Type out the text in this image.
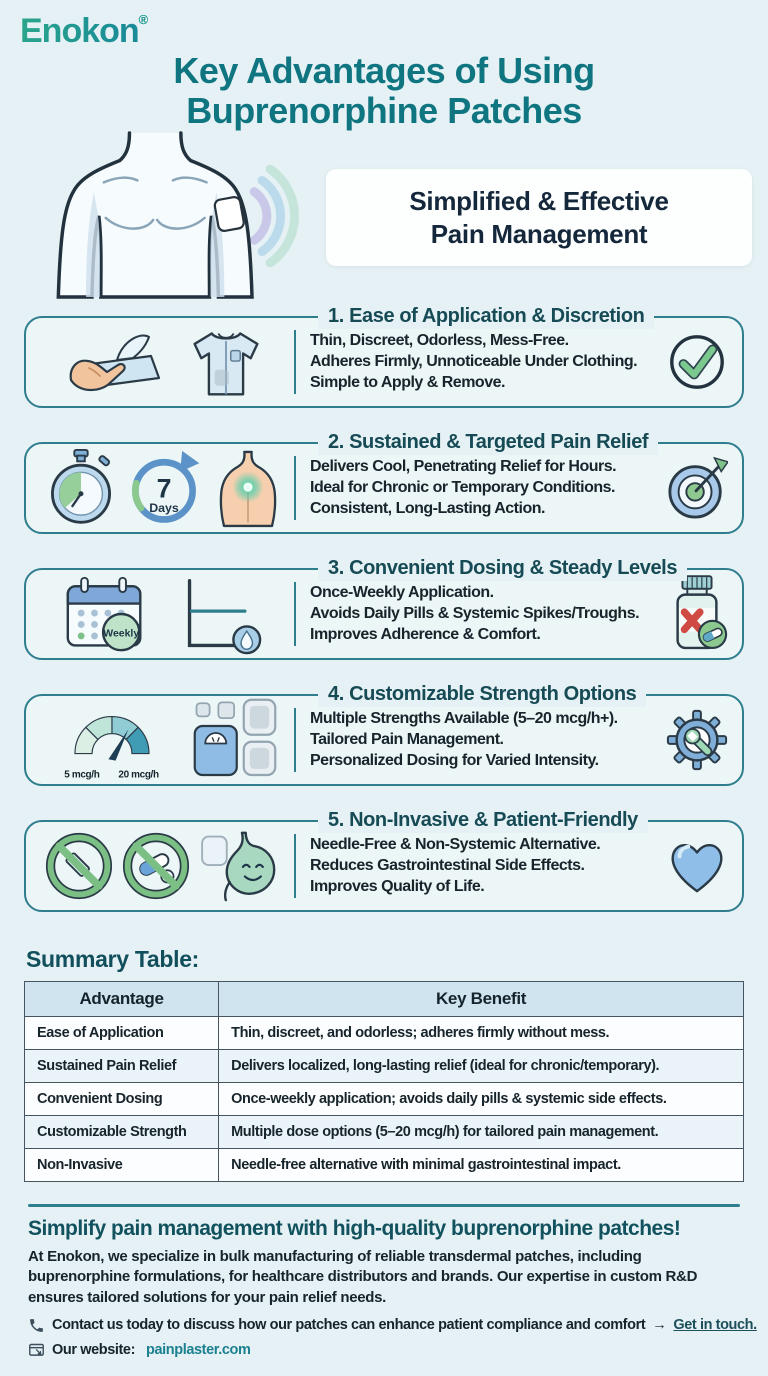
Enokon®
Key Advantages of Using
Buprenorphine Patches
Simplified & Effective
Pain Management
1. Ease of Application & Discretion
Thin, Discreet, Odorless, Mess-Free.
Adheres Firmly, Unnoticeable Under Clothing.
Simple to Apply & Remove.
2. Sustained & Targeted Pain Relief
7
Days
Delivers Cool, Penetrating Relief for Hours.
Ideal for Chronic or Temporary Conditions.
Consistent, Long-Lasting Action.
3. Convenient Dosing & Steady Levels
Weekly
Once-Weekly Application.
Avoids Daily Pills & Systemic Spikes/Troughs.
Improves Adherence & Comfort.
4. Customizable Strength Options
5 mcg/h 20 mcg/h
Multiple Strengths Available (5–20 mcg/h+).
Tailored Pain Management.
Personalized Dosing for Varied Intensity.
5. Non-Invasive & Patient-Friendly
Needle-Free & Non-Systemic Alternative.
Reduces Gastrointestinal Side Effects.
Improves Quality of Life.
Summary Table:
Advantage	Key Benefit
Ease of Application	Thin, discreet, and odorless; adheres firmly without mess.
Sustained Pain Relief	Delivers localized, long-lasting relief (ideal for chronic/temporary).
Convenient Dosing	Once-weekly application; avoids daily pills & systemic side effects.
Customizable Strength	Multiple dose options (5–20 mcg/h) for tailored pain management.
Non-Invasive	Needle-free alternative with minimal gastrointestinal impact.
Simplify pain management with high-quality buprenorphine patches!

At Enokon, we specialize in bulk manufacturing of reliable transdermal patches, including buprenorphine formulations, for healthcare distributors and brands. Our expertise in custom R&D ensures tailored solutions for your pain relief needs.

Contact us today to discuss how our patches can enhance patient compliance and comfort → Get in touch.
Our website: painplaster.com
